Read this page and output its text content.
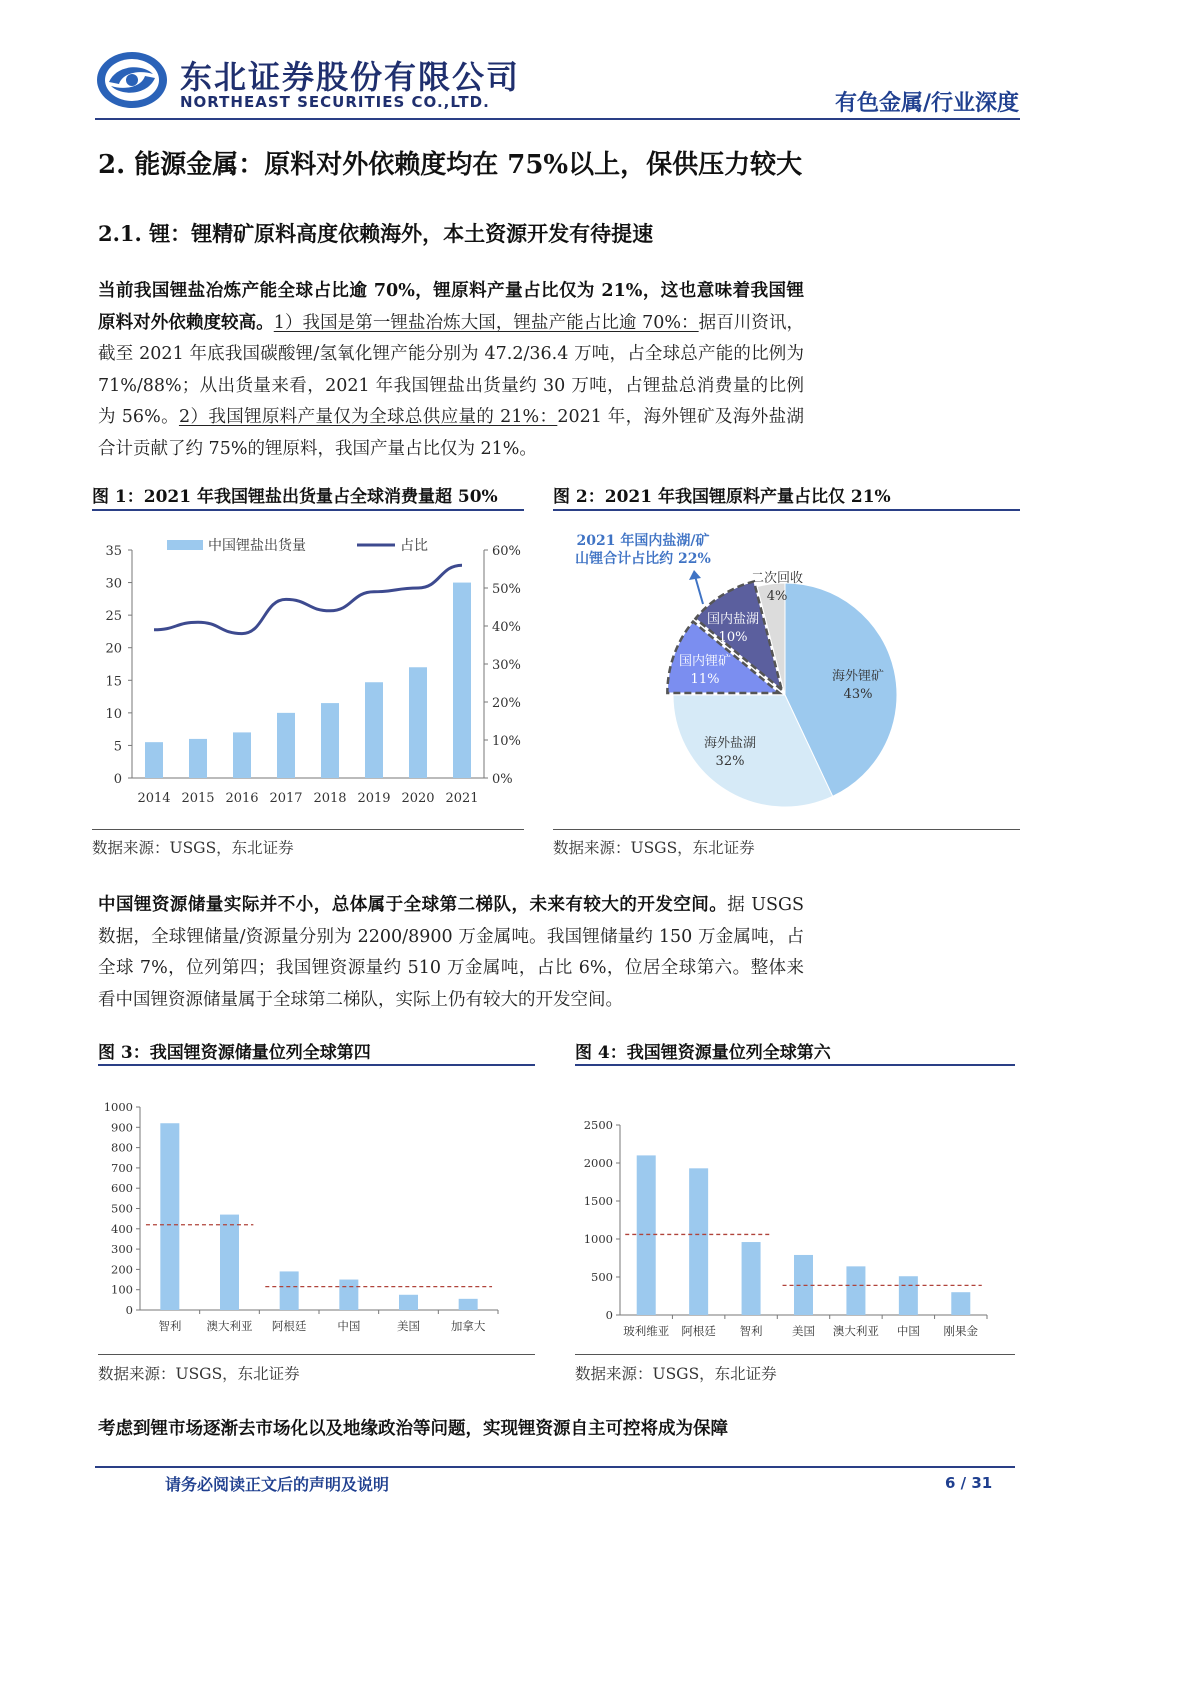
东北证券股份有限公司
NORTHEAST SECURITIES CO.,LTD.	有色金属/行业深度
2. 能源金属：原料对外依赖度均在 75%以上，保供压力较大
2.1. 锂：锂精矿原料高度依赖海外，本土资源开发有待提速
当前我国锂盐冶炼产能全球占比逾 70%，锂原料产量占比仅为 21%，这也意味着我国锂原料对外依赖度较高。1）我国是第一锂盐冶炼大国，锂盐产能占比逾 70%：据百川资讯，截至 2021 年底我国碳酸锂/氢氧化锂产能分别为 47.2/36.4 万吨，占全球总产能的比例为 71%/88%；从出货量来看，2021 年我国锂盐出货量约 30 万吨，占锂盐总消费量的比例为 56%。2）我国锂原料产量仅为全球总供应量的 21%：2021 年，海外锂矿及海外盐湖合计贡献了约 75%的锂原料，我国产量占比仅为 21%。
图 1：2021 年我国锂盐出货量占全球消费量超 50%	图 2：2021 年我国锂原料产量占比仅 21%
0
5
10
15
20
25
30
35
0%
10%
20%
30%
40%
50%
60%
2014 2015 2016 2017 2018 2019 2020 2021
中国锂盐出货量	占比	2021 年国内盐湖/矿
山锂合计占比约 22%
海外锂矿
43%
海外盐湖
32%
国内锂矿
11%
国内盐湖
10%
二次回收
4%
数据来源：USGS，东北证券	数据来源：USGS，东北证券
中国锂资源储量实际并不小，总体属于全球第二梯队，未来有较大的开发空间。据 USGS 数据，全球锂储量/资源量分别为 2200/8900 万金属吨。我国锂储量约 150 万金属吨，占全球 7%，位列第四；我国锂资源量约 510 万金属吨，占比 6%，位居全球第六。整体来看中国锂资源储量属于全球第二梯队，实际上仍有较大的开发空间。
图 3：我国锂资源储量位列全球第四	图 4：我国锂资源量位列全球第六
0
100
200
300
400
500
600
700
800
900
1000
智利 澳大利亚 阿根廷	中国	美国	加拿大
0
500
1000
1500
2000
2500
玻利维亚 阿根廷 智利	美国 澳大利亚 中国 刚果金
数据来源：USGS，东北证券	数据来源：USGS，东北证券
考虑到锂市场逐渐去市场化以及地缘政治等问题，实现锂资源自主可控将成为保障
请务必阅读正文后的声明及说明	6 / 31
